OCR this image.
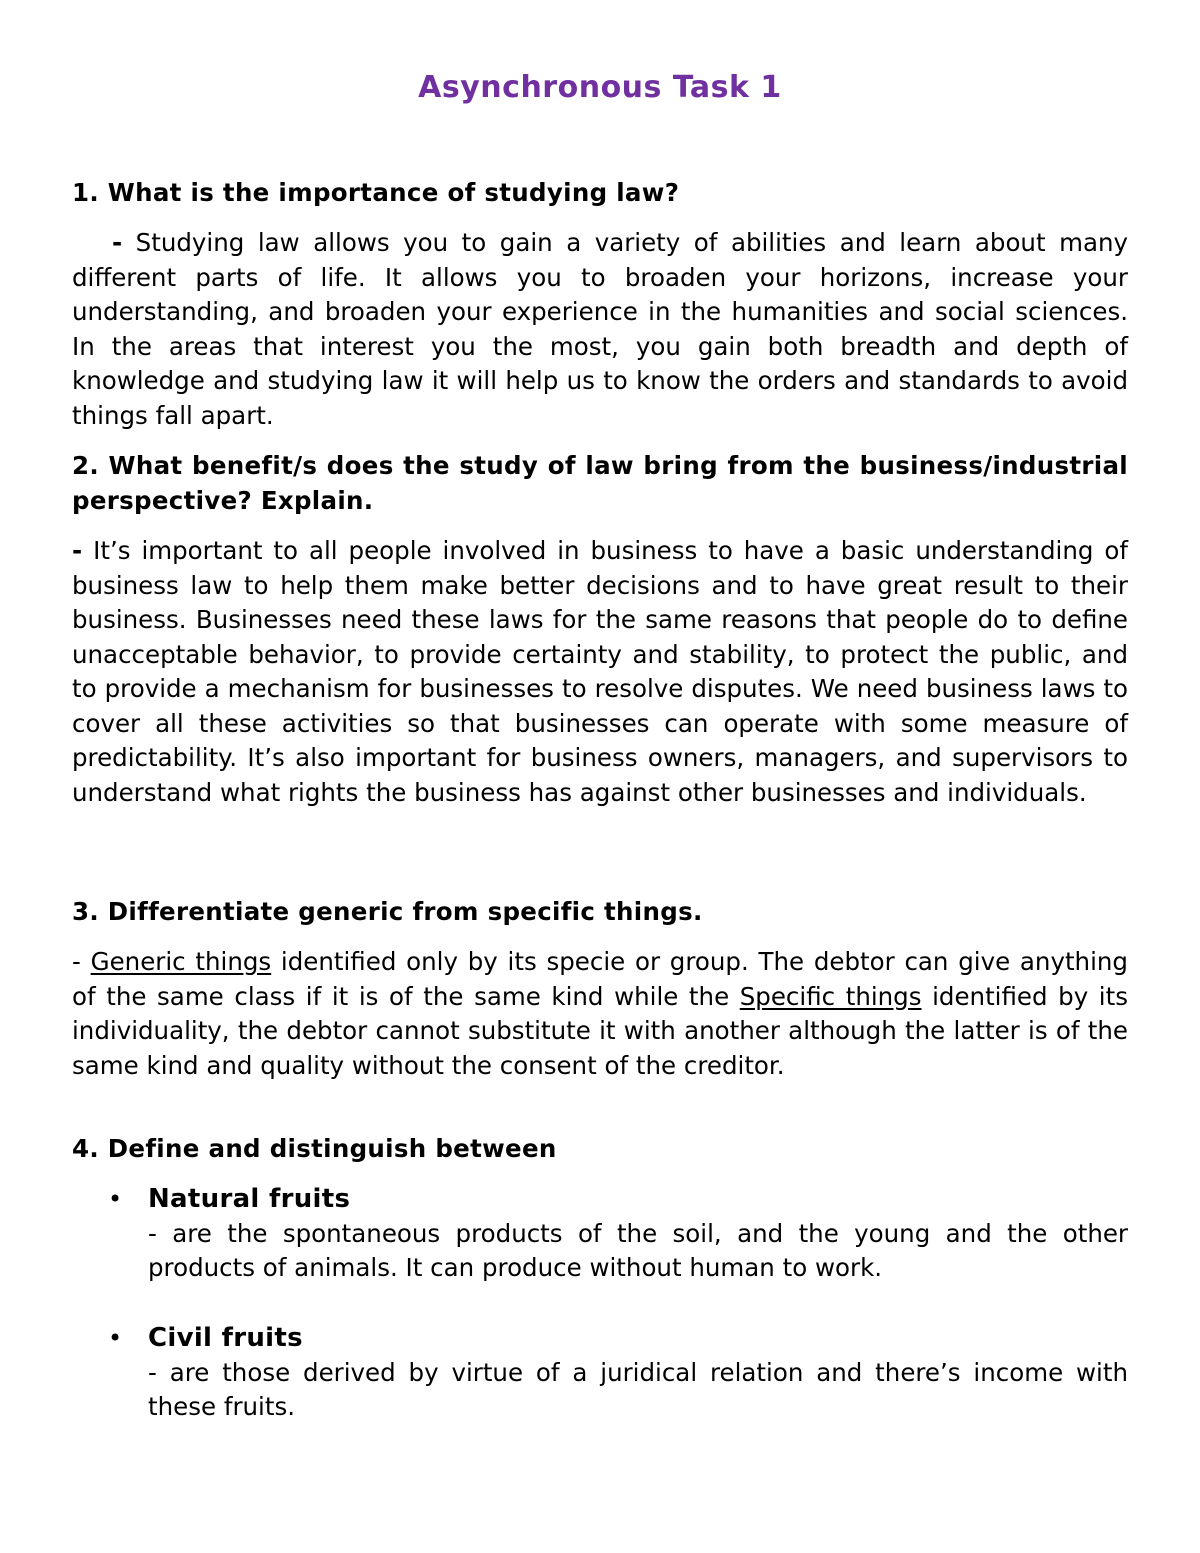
Asynchronous Task 1

1. What is the importance of studying law?

- Studying law allows you to gain a variety of abilities and learn about many different parts of life. It allows you to broaden your horizons, increase your understanding, and broaden your experience in the humanities and social sciences. In the areas that interest you the most, you gain both breadth and depth of knowledge and studying law it will help us to know the orders and standards to avoid things fall apart.

2. What benefit/s does the study of law bring from the business/industrial perspective? Explain.

- It’s important to all people involved in business to have a basic understanding of business law to help them make better decisions and to have great result to their business. Businesses need these laws for the same reasons that people do to define unacceptable behavior, to provide certainty and stability, to protect the public, and to provide a mechanism for businesses to resolve disputes. We need business laws to cover all these activities so that businesses can operate with some measure of predictability. It’s also important for business owners, managers, and supervisors to understand what rights the business has against other businesses and individuals.

3. Differentiate generic from specific things.

- Generic things identified only by its specie or group. The debtor can give anything of the same class if it is of the same kind while the Specific things identified by its individuality, the debtor cannot substitute it with another although the latter is of the same kind and quality without the consent of the creditor.

4. Define and distinguish between

• Natural fruits
- are the spontaneous products of the soil, and the young and the other products of animals. It can produce without human to work.
• Civil fruits
- are those derived by virtue of a juridical relation and there’s income with these fruits.
